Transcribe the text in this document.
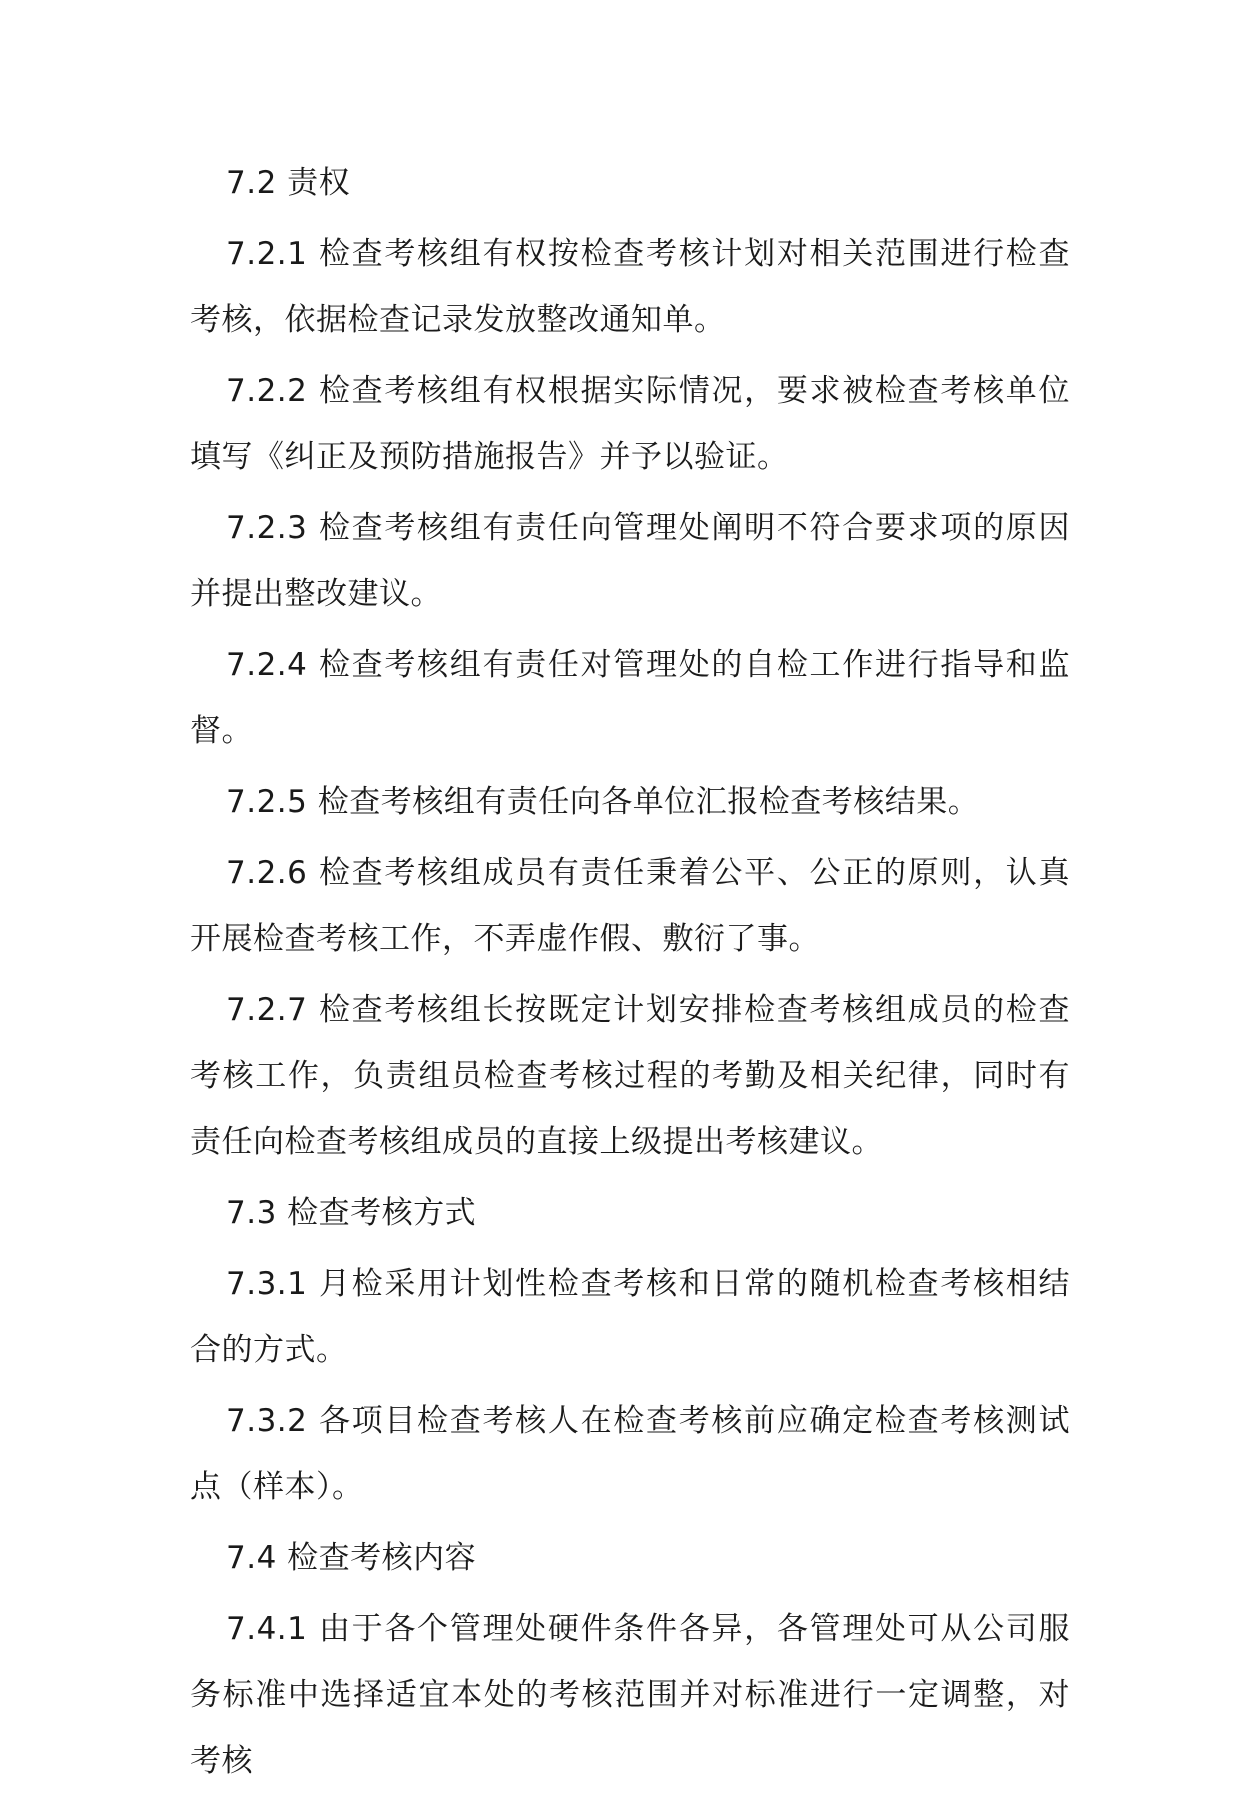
7.2 责权

7.2.1 检查考核组有权按检查考核计划对相关范围进行检查考核，依据检查记录发放整改通知单。

7.2.2 检查考核组有权根据实际情况，要求被检查考核单位填写《纠正及预防措施报告》并予以验证。

7.2.3 检查考核组有责任向管理处阐明不符合要求项的原因并提出整改建议。

7.2.4 检查考核组有责任对管理处的自检工作进行指导和监督。

7.2.5 检查考核组有责任向各单位汇报检查考核结果。

7.2.6 检查考核组成员有责任秉着公平、公正的原则，认真开展检查考核工作，不弄虚作假、敷衍了事。

7.2.7 检查考核组长按既定计划安排检查考核组成员的检查考核工作，负责组员检查考核过程的考勤及相关纪律，同时有责任向检查考核组成员的直接上级提出考核建议。

7.3 检查考核方式

7.3.1 月检采用计划性检查考核和日常的随机检查考核相结合的方式。

7.3.2 各项目检查考核人在检查考核前应确定检查考核测试点（样本）。

7.4 检查考核内容

7.4.1 由于各个管理处硬件条件各异，各管理处可从公司服务标准中选择适宜本处的考核范围并对标准进行一定调整，对考核
